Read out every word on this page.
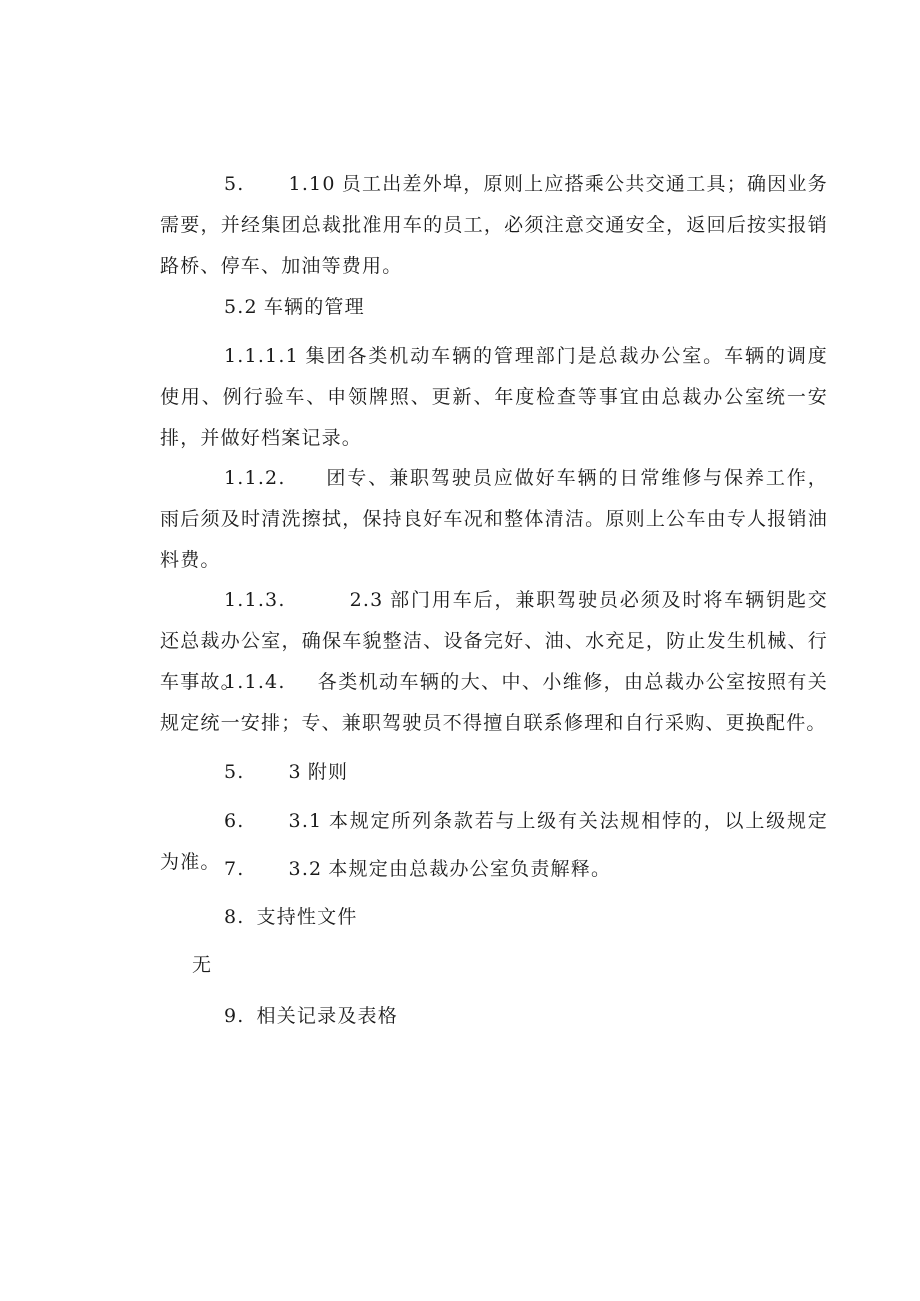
5. 1.10 员工出差外埠，原则上应搭乘公共交通工具；确因业务需要，并经集团总裁批准用车的员工，必须注意交通安全，返回后按实报销路桥、停车、加油等费用。

5.2 车辆的管理

1.1.1.1 集团各类机动车辆的管理部门是总裁办公室。车辆的调度使用、例行验车、申领牌照、更新、年度检查等事宜由总裁办公室统一安排，并做好档案记录。

1.1.2. 团专、兼职驾驶员应做好车辆的日常维修与保养工作，雨后须及时清洗擦拭，保持良好车况和整体清洁。原则上公车由专人报销油料费。

1.1.3.	2.3 部门用车后，兼职驾驶员必须及时将车辆钥匙交还总裁办公室，确保车貌整洁、设备完好、油、水充足，防止发生机械、行车事故。

1.1.4. 各类机动车辆的大、中、小维修，由总裁办公室按照有关规定统一安排；专、兼职驾驶员不得擅自联系修理和自行采购、更换配件。

5. 3 附则

6. 3.1 本规定所列条款若与上级有关法规相悖的，以上级规定为准。 7. 3.2 本规定由总裁办公室负责解释。

8. 支持性文件

无

9. 相关记录及表格
